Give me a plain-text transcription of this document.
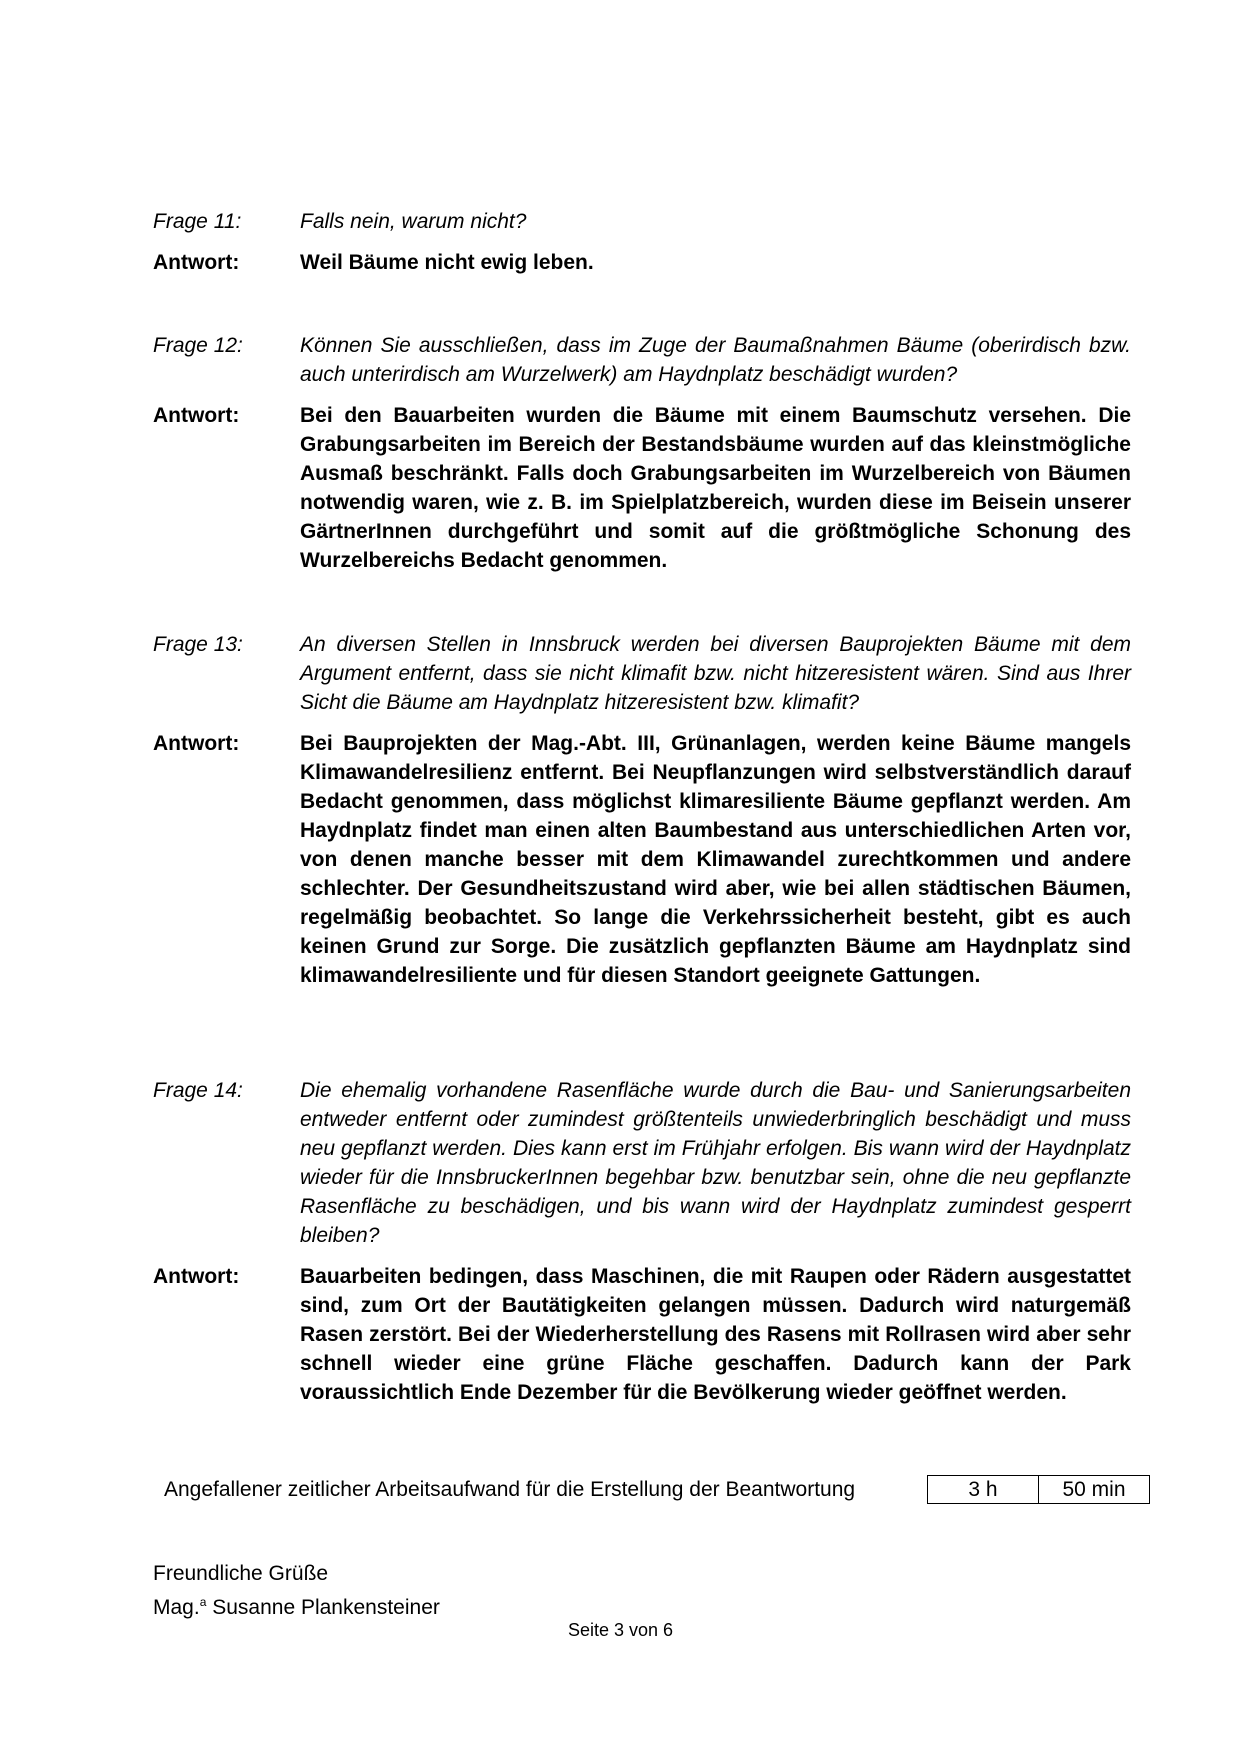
Frage 11:	Falls nein, warum nicht?
Antwort:	Weil Bäume nicht ewig leben.
Frage 12:	Können Sie ausschließen, dass im Zuge der Baumaßnahmen Bäume (oberirdisch bzw. auch unterirdisch am Wurzelwerk) am Haydnplatz beschädigt wurden?
Antwort:	Bei den Bauarbeiten wurden die Bäume mit einem Baumschutz versehen. Die Grabungsarbeiten im Bereich der Bestandsbäume wurden auf das kleinstmögliche Ausmaß beschränkt. Falls doch Grabungsarbeiten im Wurzelbereich von Bäumen notwendig waren, wie z. B. im Spielplatzbereich, wurden diese im Beisein unserer GärtnerInnen durchgeführt und somit auf die größtmögliche Schonung des Wurzelbereichs Bedacht genommen.
Frage 13:	An diversen Stellen in Innsbruck werden bei diversen Bauprojekten Bäume mit dem Argument entfernt, dass sie nicht klimafit bzw. nicht hitzeresistent wären. Sind aus Ihrer Sicht die Bäume am Haydnplatz hitzeresistent bzw. klimafit?
Antwort:	Bei Bauprojekten der Mag.-Abt. III, Grünanlagen, werden keine Bäume mangels Klimawandelresilienz entfernt. Bei Neupflanzungen wird selbstverständlich darauf Bedacht genommen, dass möglichst klimaresiliente Bäume gepflanzt werden. Am Haydnplatz findet man einen alten Baumbestand aus unterschiedlichen Arten vor, von denen manche besser mit dem Klimawandel zurechtkommen und andere schlechter. Der Gesundheitszustand wird aber, wie bei allen städtischen Bäumen, regelmäßig beobachtet. So lange die Verkehrssicherheit besteht, gibt es auch keinen Grund zur Sorge. Die zusätzlich gepflanzten Bäume am Haydnplatz sind klimawandelresiliente und für diesen Standort geeignete Gattungen.
Frage 14:	Die ehemalig vorhandene Rasenfläche wurde durch die Bau- und Sanierungsarbeiten entweder entfernt oder zumindest größtenteils unwiederbringlich beschädigt und muss neu gepflanzt werden. Dies kann erst im Frühjahr erfolgen. Bis wann wird der Haydnplatz wieder für die InnsbruckerInnen begehbar bzw. benutzbar sein, ohne die neu gepflanzte Rasenfläche zu beschädigen, und bis wann wird der Haydnplatz zumindest gesperrt bleiben?
Antwort:	Bauarbeiten bedingen, dass Maschinen, die mit Raupen oder Rädern ausgestattet sind, zum Ort der Bautätigkeiten gelangen müssen. Dadurch wird naturgemäß Rasen zerstört. Bei der Wiederherstellung des Rasens mit Rollrasen wird aber sehr schnell wieder eine grüne Fläche geschaffen. Dadurch kann der Park voraussichtlich Ende Dezember für die Bevölkerung wieder geöffnet werden.
Angefallener zeitlicher Arbeitsaufwand für die Erstellung der Beantwortung	3 h	50 min
Freundliche Grüße
Mag.$^a$ Susanne Plankensteiner
Seite 3 von 6
